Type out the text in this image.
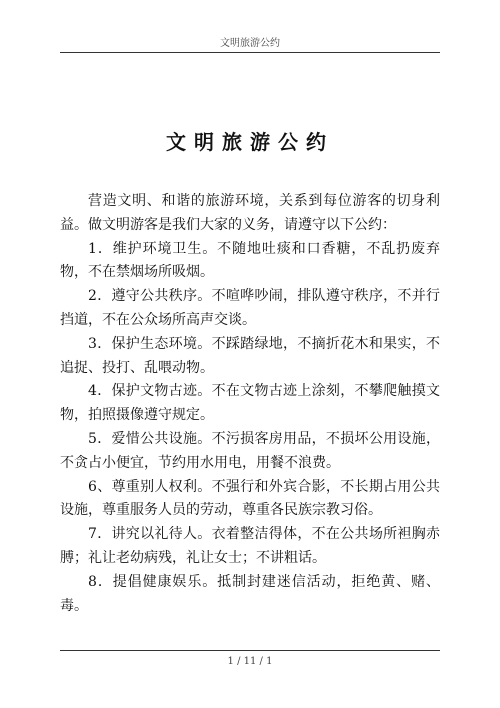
文明旅游公约
文明旅游公约

营造文明、和谐的旅游环境，关系到每位游客的切身利益。做文明游客是我们大家的义务，请遵守以下公约：

1．维护环境卫生。不随地吐痰和口香糖，不乱扔废弃物，不在禁烟场所吸烟。

2．遵守公共秩序。不喧哗吵闹，排队遵守秩序，不并行挡道，不在公众场所高声交谈。

3．保护生态环境。不踩踏绿地，不摘折花木和果实，不追捉、投打、乱喂动物。

4．保护文物古迹。不在文物古迹上涂刻，不攀爬触摸文物，拍照摄像遵守规定。

5．爱惜公共设施。不污损客房用品，不损坏公用设施，不贪占小便宜，节约用水用电，用餐不浪费。

6、尊重别人权利。不强行和外宾合影，不长期占用公共设施，尊重服务人员的劳动，尊重各民族宗教习俗。

7．讲究以礼待人。衣着整洁得体，不在公共场所袒胸赤膊；礼让老幼病残，礼让女士；不讲粗话。

8．提倡健康娱乐。抵制封建迷信活动，拒绝黄、赌、毒。

1 / 11 / 1
